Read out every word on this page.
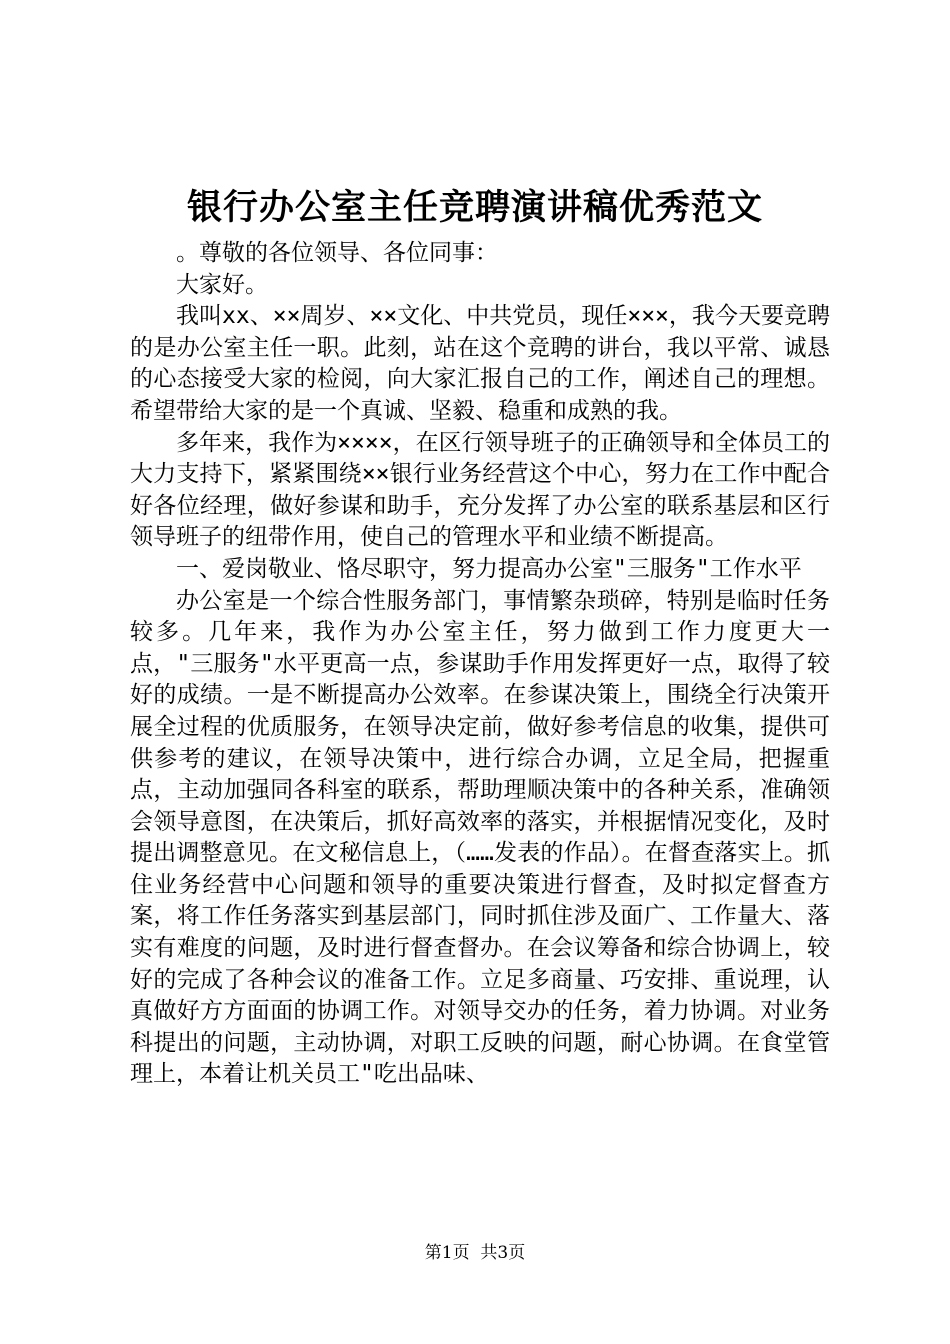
银行办公室主任竞聘演讲稿优秀范文

。尊敬的各位领导、各位同事：

大家好。

我叫xx、××周岁、××文化、中共党员，现任×××，我今天要竞聘的是办公室主任一职。此刻，站在这个竞聘的讲台，我以平常、诚恳的心态接受大家的检阅，向大家汇报自己的工作，阐述自己的理想。希望带给大家的是一个真诚、坚毅、稳重和成熟的我。

多年来，我作为××××，在区行领导班子的正确领导和全体员工的大力支持下，紧紧围绕××银行业务经营这个中心，努力在工作中配合好各位经理，做好参谋和助手，充分发挥了办公室的联系基层和区行领导班子的纽带作用，使自己的管理水平和业绩不断提高。

一、爱岗敬业、恪尽职守，努力提高办公室"三服务"工作水平

办公室是一个综合性服务部门，事情繁杂琐碎，特别是临时任务较多。几年来，我作为办公室主任，努力做到工作力度更大一点，"三服务"水平更高一点，参谋助手作用发挥更好一点，取得了较好的成绩。一是不断提高办公效率。在参谋决策上，围绕全行决策开展全过程的优质服务，在领导决定前，做好参考信息的收集，提供可供参考的建议，在领导决策中，进行综合办调，立足全局，把握重点，主动加强同各科室的联系，帮助理顺决策中的各种关系，准确领会领导意图，在决策后，抓好高效率的落实，并根据情况变化，及时提出调整意见。在文秘信息上，（……发表的作品）。在督查落实上。抓住业务经营中心问题和领导的重要决策进行督查，及时拟定督查方案，将工作任务落实到基层部门，同时抓住涉及面广、工作量大、落实有难度的问题，及时进行督查督办。在会议筹备和综合协调上，较好的完成了各种会议的准备工作。立足多商量、巧安排、重说理，认真做好方方面面的协调工作。对领导交办的任务，着力协调。对业务科提出的问题，主动协调，对职工反映的问题，耐心协调。在食堂管理上，本着让机关员工"吃出品味、

第1页 共3页
